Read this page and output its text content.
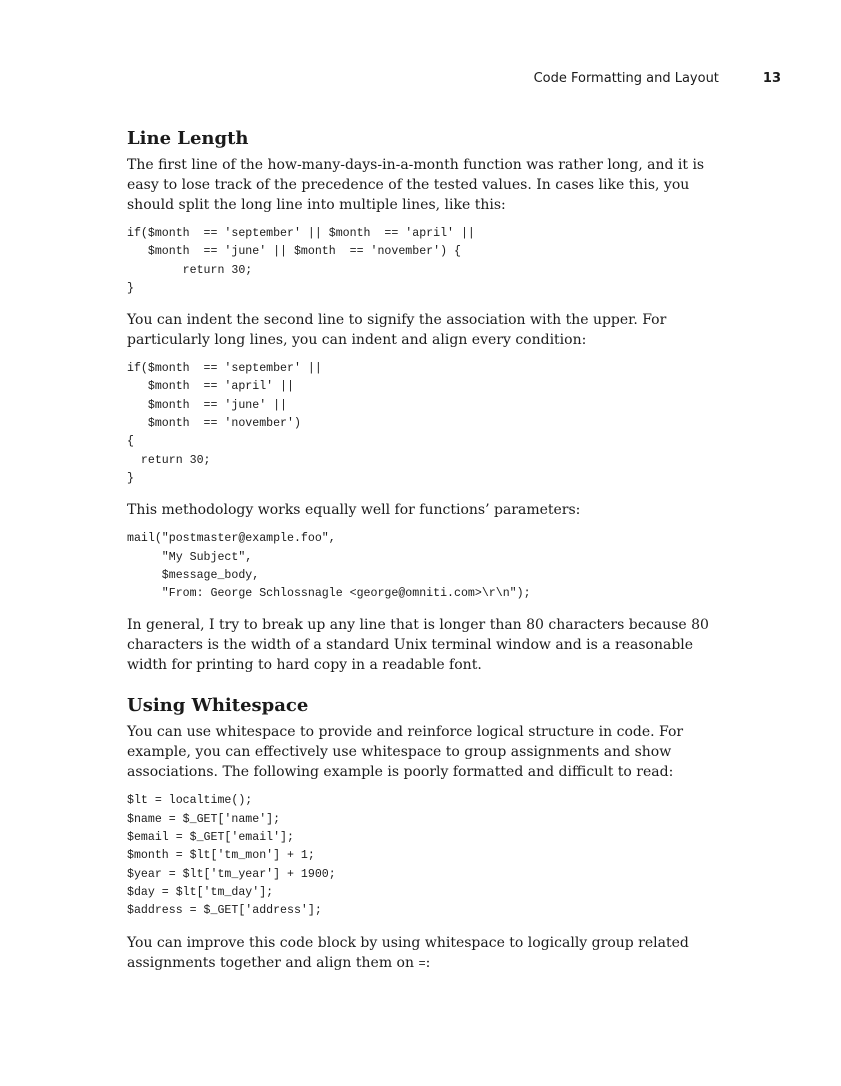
Code Formatting and Layout	13
Line Length

The first line of the how-many-days-in-a-month function was rather long, and it is easy to lose track of the precedence of the tested values. In cases like this, you should split the long line into multiple lines, like this:

if($month  == 'september' || $month  == 'april' ||
$month  == 'june' || $month  == 'november') {
return 30;
}

You can indent the second line to signify the association with the upper. For particularly long lines, you can indent and align every condition:

if($month  == 'september' ||
$month  == 'april' ||
$month  == 'june' ||
$month  == 'november')
{
return 30;
}

This methodology works equally well for functions’ parameters:

mail("postmaster@example.foo",
"My Subject",
$message_body,
"From: George Schlossnagle <george@omniti.com>\r\n");

In general, I try to break up any line that is longer than 80 characters because 80 characters is the width of a standard Unix terminal window and is a reasonable width for printing to hard copy in a readable font.

Using Whitespace

You can use whitespace to provide and reinforce logical structure in code. For example, you can effectively use whitespace to group assignments and show associations. The following example is poorly formatted and difficult to read:

$lt = localtime();
$name = $_GET['name'];
$email = $_GET['email'];
$month = $lt['tm_mon'] + 1;
$year = $lt['tm_year'] + 1900;
$day = $lt['tm_day'];
$address = $_GET['address'];

You can improve this code block by using whitespace to logically group related assignments together and align them on =:
